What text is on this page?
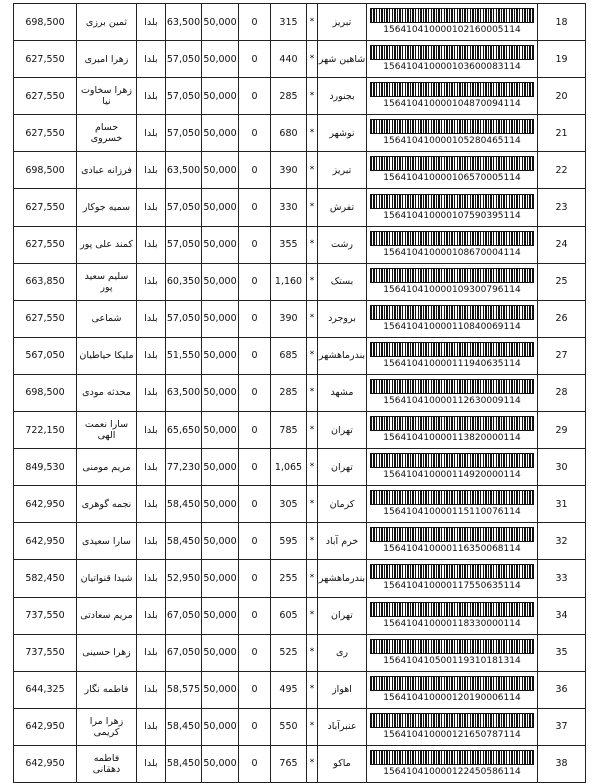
698,500	ثمین برزی	بلدا	63,500	50,000	0	315	*	تبریز	156410410000102160005114	18
627,550	زهرا امیری	بلدا	57,050	50,000	0	440	*	شاهین شهر	156410410000103600083114	19
627,550	زهرا سخاوت نیا	بلدا	57,050	50,000	0	285	*	بجنورد	156410410000104870094114	20
627,550	حسام خسروی	بلدا	57,050	50,000	0	680	*	نوشهر	156410410000105280465114	21
698,500	فرزانه عبادی	بلدا	63,500	50,000	0	390	*	تبریز	156410410000106570005114	22
627,550	سمیه جوکار	بلدا	57,050	50,000	0	330	*	تفرش	156410410000107590395114	23
627,550	کمند علی پور	بلدا	57,050	50,000	0	355	*	رشت	156410410000108670004114	24
663,850	سلیم سعید پور	بلدا	60,350	50,000	0	1,160	*	بستک	156410410000109300796114	25
627,550	شماعی	بلدا	57,050	50,000	0	390	*	بروجرد	156410410000110840069114	26
567,050	ملیکا حیاطیان	بلدا	51,550	50,000	0	685	*	بندرماهشهر	156410410000111940635114	27
698,500	محدثه مودی	بلدا	63,500	50,000	0	285	*	مشهد	156410410000112630009114	28
722,150	سارا نعمت الهی	بلدا	65,650	50,000	0	785	*	تهران	156410410000113820000114	29
849,530	مریم مومنی	بلدا	77,230	50,000	0	1,065	*	تهران	156410410000114920000114	30
642,950	نجمه گوهری	بلدا	58,450	50,000	0	305	*	کرمان	156410410000115110076114	31
642,950	سارا سعیدی	بلدا	58,450	50,000	0	595	*	خرم آباد	156410410000116350068114	32
582,450	شیدا قنواتیان	بلدا	52,950	50,000	0	255	*	بندرماهشهر	156410410000117550635114	33
737,550	مریم سعادتی	بلدا	67,050	50,000	0	605	*	تهران	156410410000118330000114	34
737,550	زهرا حسینی	بلدا	67,050	50,000	0	525	*	ری	156410410500119310181314	35
644,325	فاطمه نگار	بلدا	58,575	50,000	0	495	*	اهواز	156410410000120190006114	36
642,950	زهرا مرا کریمی	بلدا	58,450	50,000	0	550	*	عنبرآباد	156410410000121650787114	37
642,950	فاطمه دهقانی	بلدا	58,450	50,000	0	765	*	ماکو	156410410000122450586114	38
